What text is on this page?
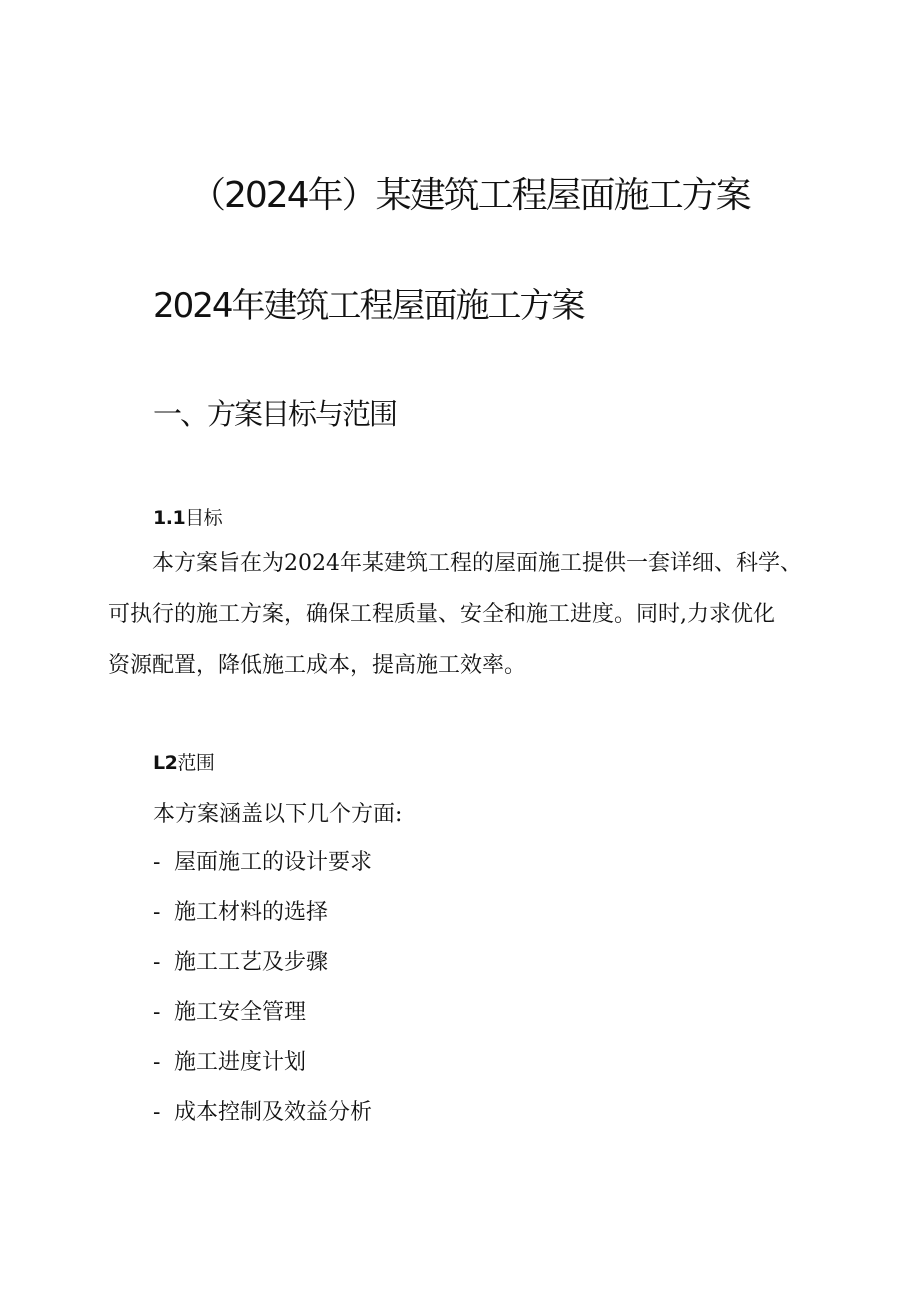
（2024年）某建筑工程屋面施工方案
2024年建筑工程屋面施工方案
一、方案目标与范围
1.1目标
本方案旨在为2024年某建筑工程的屋面施工提供一套详细、科学、
可执行的施工方案，确保工程质量、安全和施工进度。同时,力求优化
资源配置，降低施工成本，提高施工效率。
L2范围
本方案涵盖以下几个方面:
- 屋面施工的设计要求
- 施工材料的选择
- 施工工艺及步骤
- 施工安全管理
- 施工进度计划
- 成本控制及效益分析
